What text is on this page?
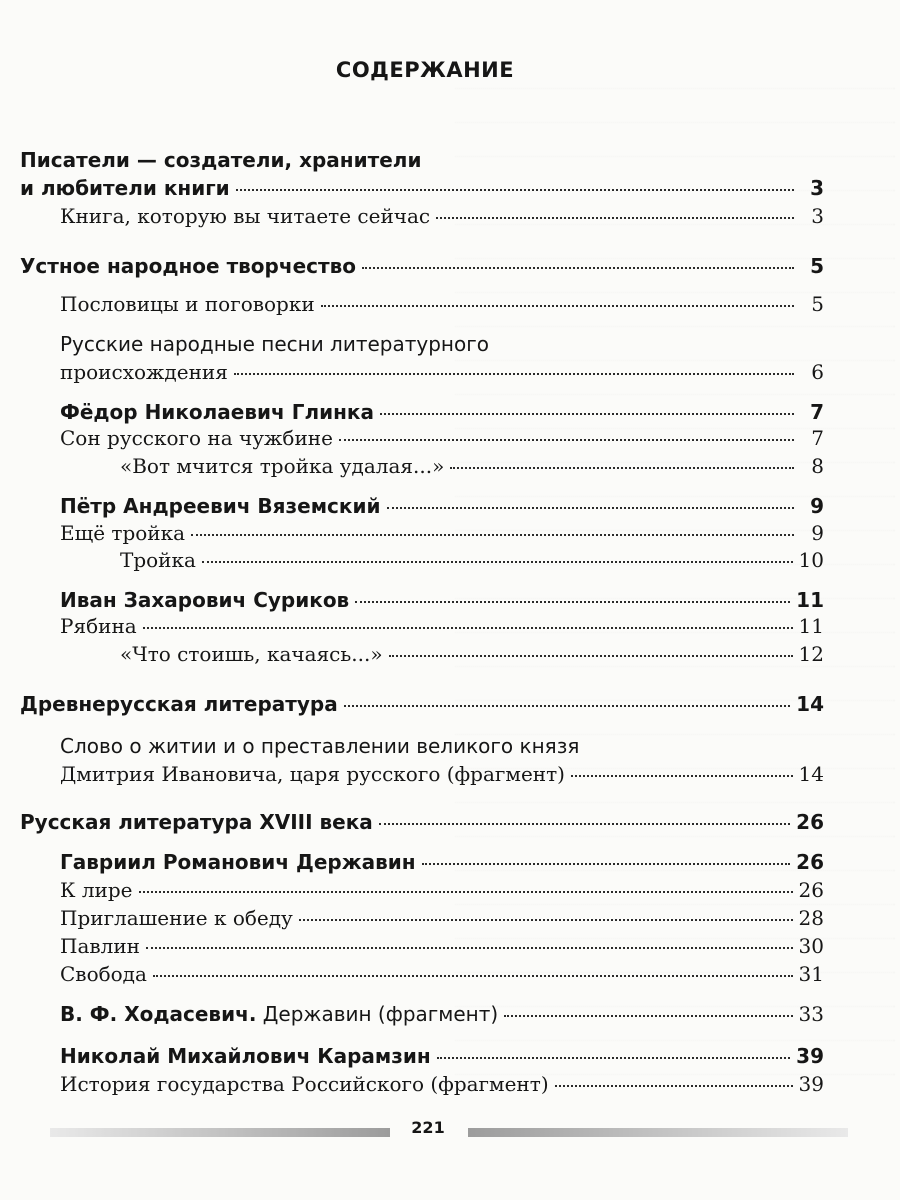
СОДЕРЖАНИЕ
Писатели — создатели, хранители
и любители книги	3
Книга, которую вы читаете сейчас	3
Устное народное творчество	5
Пословицы и поговорки	5
Русские народные песни литературного
происхождения	6
Фёдор Николаевич Глинка	7
Сон русского на чужбине	7
«Вот мчится тройка удалая...»	8
Пётр Андреевич Вяземский	9
Ещё тройка	9
Тройка	10
Иван Захарович Суриков	11
Рябина	11
«Что стоишь, качаясь...»	12
Древнерусская литература	14
Слово о житии и о преставлении великого князя
Дмитрия Ивановича, царя русского (фрагмент)	14
Русская литература XVIII века	26
Гавриил Романович Державин	26
К лире	26
Приглашение к обеду	28
Павлин	30
Свобода	31
В. Ф. Ходасевич. Державин (фрагмент)	33
Николай Михайлович Карамзин	39
История государства Российского (фрагмент)	39
221
